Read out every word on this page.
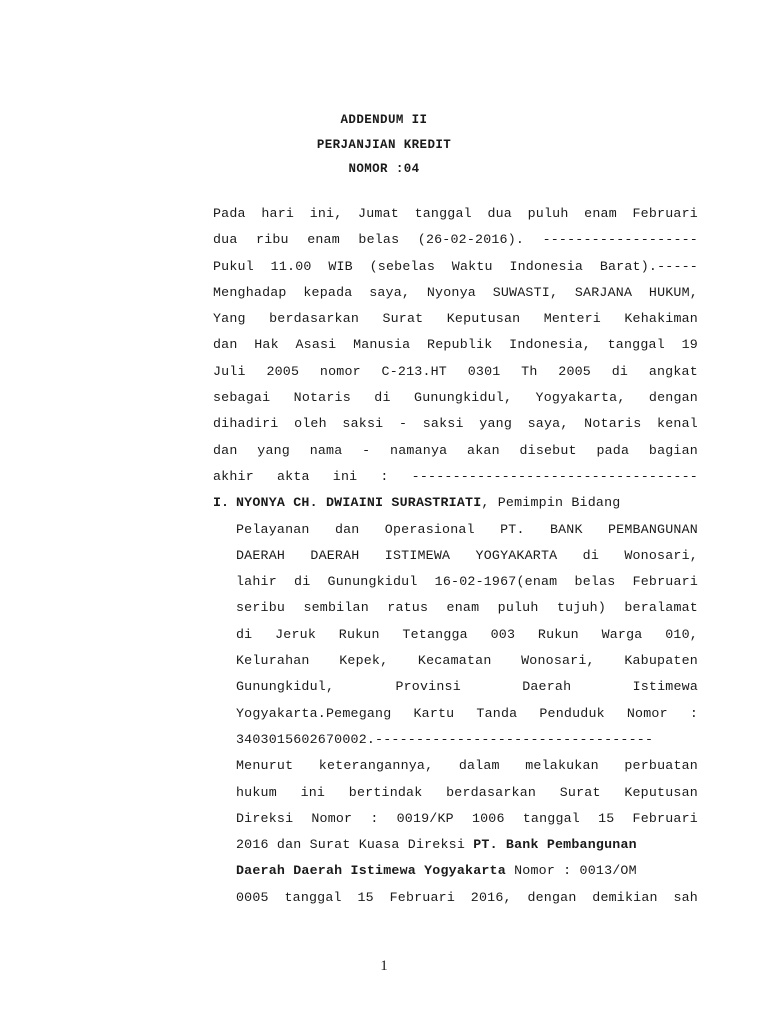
ADDENDUM II
PERJANJIAN KREDIT
NOMOR :04
Pada hari ini, Jumat tanggal dua puluh enam Februari
dua ribu enam belas (26-02-2016). -------------------
Pukul 11.00 WIB (sebelas Waktu Indonesia Barat).-----
Menghadap kepada saya, Nyonya SUWASTI, SARJANA HUKUM,
Yang berdasarkan Surat Keputusan Menteri Kehakiman
dan Hak Asasi Manusia Republik Indonesia, tanggal 19
Juli 2005 nomor C-213.HT 0301 Th 2005 di angkat
sebagai Notaris di Gunungkidul, Yogyakarta, dengan
dihadiri oleh saksi - saksi yang saya, Notaris kenal
dan yang nama - namanya akan disebut pada bagian
akhir akta ini : -----------------------------------
I. NYONYA CH. DWIAINI SURASTRIATI, Pemimpin Bidang
Pelayanan dan Operasional PT. BANK PEMBANGUNAN
DAERAH DAERAH ISTIMEWA YOGYAKARTA di Wonosari,
lahir di Gunungkidul 16-02-1967(enam belas Februari
seribu sembilan ratus enam puluh tujuh) beralamat
di Jeruk Rukun Tetangga 003 Rukun Warga 010,
Kelurahan Kepek, Kecamatan Wonosari, Kabupaten
Gunungkidul,	Provinsi	Daerah	Istimewa
Yogyakarta.Pemegang Kartu Tanda Penduduk Nomor :
3403015602670002.----------------------------------
Menurut keterangannya, dalam melakukan perbuatan
hukum ini bertindak berdasarkan Surat Keputusan
Direksi Nomor : 0019/KP 1006 tanggal 15 Februari
2016 dan Surat Kuasa Direksi PT. Bank Pembangunan
Daerah Daerah Istimewa Yogyakarta Nomor : 0013/OM
0005 tanggal 15 Februari 2016, dengan demikian sah
1
